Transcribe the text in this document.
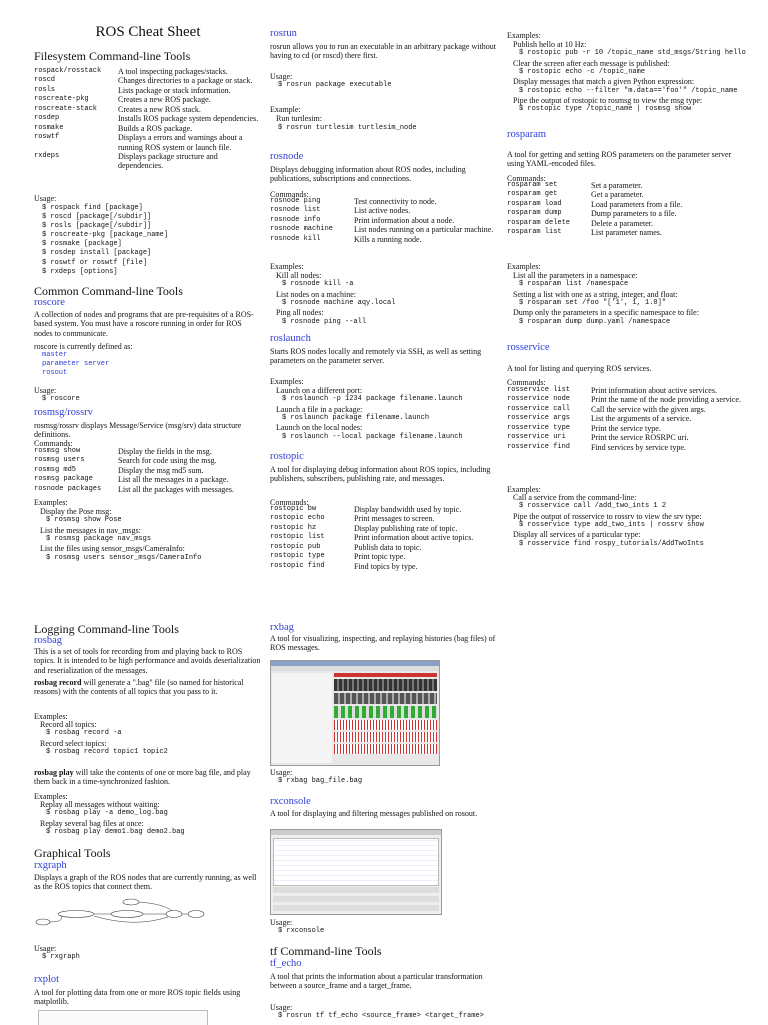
ROS Cheat Sheet
Filesystem Command-line Tools
rospack/rosstack	A tool inspecting packages/stacks.
roscd	Changes directories to a package or stack.
rosls	Lists package or stack information.
roscreate-pkg	Creates a new ROS package.
roscreate-stack	Creates a new ROS stack.
rosdep	Installs ROS package system dependencies.
rosmake	Builds a ROS package.
roswtf	Displays a errors and warnings about a running ROS system or launch file.
rxdeps	Displays package structure and dependencies.
Usage:
$ rospack find [package]
$ roscd [package[/subdir]]
$ rosls [package[/subdir]]
$ roscreate-pkg [package_name]
$ rosmake [package]
$ rosdep install [package]
$ roswtf or roswtf [file]
$ rxdeps [options]
Common Command-line Tools
roscore

A collection of nodes and programs that are pre-requisites of a ROS-based system. You must have a roscore running in order for ROS nodes to communicate.

roscore is currently defined as:

master
parameter server
rosout

Usage:

$ roscore
rosmsg/rossrv

rosmsg/rossrv displays Message/Service (msg/srv) data structure definitions.

Commands:

rosmsg show	Display the fields in the msg.
rosmsg users	Search for code using the msg.
rosmsg md5	Display the msg md5 sum.
rosmsg package	List all the messages in a package.
rosnode packages	List all the packages with messages.

Examples:

Display the Pose msg:
$ rosmsg show Pose
List the messages in nav_msgs:
$ rosmsg package nav_msgs
List the files using sensor_msgs/CameraInfo:
$ rosmsg users sensor_msgs/CameraInfo
Logging Command-line Tools
rosbag

This is a set of tools for recording from and playing back to ROS topics. It is intended to be high performance and avoids deserialization and reserialization of the messages.

rosbag record will generate a ".bag" file (so named for historical reasons) with the contents of all topics that you pass to it.

Examples:

Record all topics:
$ rosbag record -a
Record select topics:
$ rosbag record topic1 topic2

rosbag play will take the contents of one or more bag file, and play them back in a time-synchronized fashion.

Examples:

Replay all messages without waiting:
$ rosbag play -a demo_log.bag
Replay several bag files at once:
$ rosbag play demo1.bag demo2.bag
Graphical Tools
rxgraph

Displays a graph of the ROS nodes that are currently running, as well as the ROS topics that connect them.

Usage:

$ rxgraph
rxplot

A tool for plotting data from one or more ROS topic fields using matplotlib.

rosrun

rosrun allows you to run an executable in an arbitrary package without having to cd (or roscd) there first.

Usage:

$ rosrun package executable

Example:

Run turtlesim:

$ rosrun turtlesim turtlesim_node
rosnode

Displays debugging information about ROS nodes, including publications, subscriptions and connections.

Commands:

rosnode ping	Test connectivity to node.
rosnode list	List active nodes.
rosnode info	Print information about a node.
rosnode machine	List nodes running on a particular machine.
rosnode kill	Kills a running node.

Examples:

Kill all nodes:
$ rosnode kill -a
List nodes on a machine:
$ rosnode machine aqy.local
Ping all nodes:
$ rosnode ping --all
roslaunch

Starts ROS nodes locally and remotely via SSH, as well as setting parameters on the parameter server.

Examples:

Launch on a different port:
$ roslaunch -p 1234 package filename.launch
Launch a file in a package:
$ roslaunch package filename.launch
Launch on the local nodes:
$ roslaunch --local package filename.launch
rostopic

A tool for displaying debug information about ROS topics, including publishers, subscribers, publishing rate, and messages.

Commands:

rostopic bw	Display bandwidth used by topic.
rostopic echo	Print messages to screen.
rostopic hz	Display publishing rate of topic.
rostopic list	Print information about active topics.
rostopic pub	Publish data to topic.
rostopic type	Print topic type.
rostopic find	Find topics by type.
rxbag

A tool for visualizing, inspecting, and replaying histories (bag files) of ROS messages.

Usage:

$ rxbag bag_file.bag
rxconsole

A tool for displaying and filtering messages published on rosout.

Usage:

$ rxconsole
tf Command-line Tools
tf_echo

A tool that prints the information about a particular transformation between a source_frame and a target_frame.

Usage:

$ rosrun tf tf_echo <source_frame> <target_frame>

Examples:

Publish hello at 10 Hz:
$ rostopic pub -r 10 /topic_name std_msgs/String hello
Clear the screen after each message is published:
$ rostopic echo -c /topic_name
Display messages that match a given Python expression:
$ rostopic echo --filter "m.data=='foo'" /topic_name
Pipe the output of rostopic to rosmsg to view the msg type:
$ rostopic type /topic_name | rosmsg show
rosparam

A tool for getting and setting ROS parameters on the parameter server using YAML-encoded files.

Commands:

rosparam set	Set a parameter.
rosparam get	Get a parameter.
rosparam load	Load parameters from a file.
rosparam dump	Dump parameters to a file.
rosparam delete	Delete a parameter.
rosparam list	List parameter names.

Examples:

List all the parameters in a namespace:
$ rosparam list /namespace
Setting a list with one as a string, integer, and float:
$ rosparam set /foo "['1', 1, 1.0]"
Dump only the parameters in a specific namespace to file:
$ rosparam dump dump.yaml /namespace
rosservice

A tool for listing and querying ROS services.

Commands:

rosservice list	Print information about active services.
rosservice node	Print the name of the node providing a service.
rosservice call	Call the service with the given args.
rosservice args	List the arguments of a service.
rosservice type	Print the service type.
rosservice uri	Print the service ROSRPC uri.
rosservice find	Find services by service type.

Examples:

Call a service from the command-line:
$ rosservice call /add_two_ints 1 2
Pipe the output of rosservice to rossrv to view the srv type:
$ rosservice type add_two_ints | rossrv show
Display all services of a particular type:
$ rosservice find rospy_tutorials/AddTwoInts
